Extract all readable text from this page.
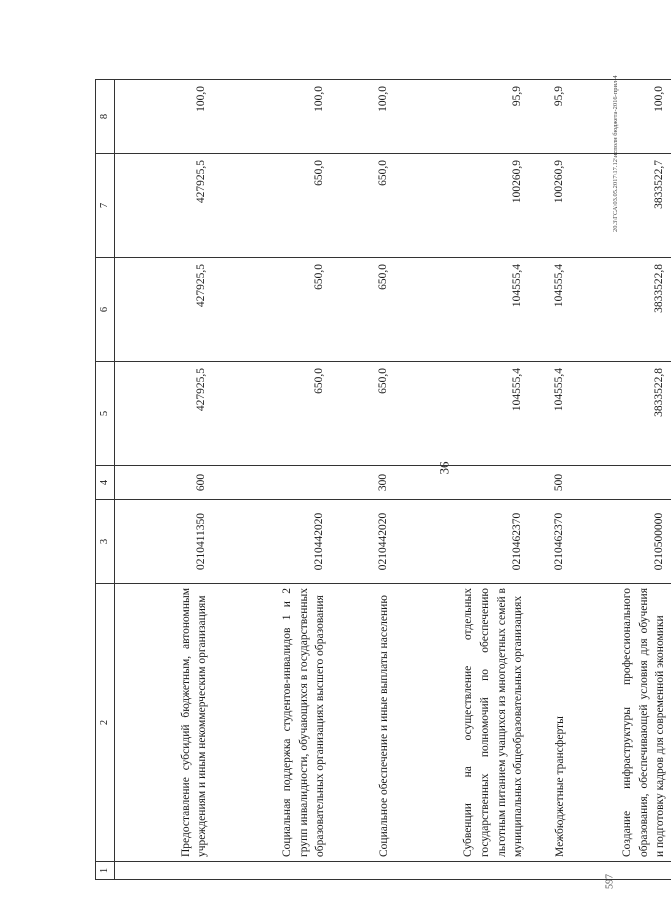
36
20.3\ГСА\03.05.2017\17.12\исполн бюджета-2016-прил-4
597
1	2	3	4	5	6	7	8
	Предоставление субсидий бюджетным, автономным учреждениям и иным некоммерческим организациям	0210411350	600	427925,5	427925,5	427925,5	100,0
	Социальная поддержка студентов-инвалидов 1 и 2 групп инвалидности, обучающихся в государственных образовательных организациях высшего образования	0210442020		650,0	650,0	650,0	100,0
	Социальное обеспечение и иные выплаты населению	0210442020	300	650,0	650,0	650,0	100,0
	Субвенции на осуществление отдельных государственных полномочий по обеспечению льготным питанием учащихся из многодетных семей в муниципальных общеобразовательных организациях	0210462370		104555,4	104555,4	100260,9	95,9
	Межбюджетные трансферты	0210462370	500	104555,4	104555,4	100260,9	95,9
	Создание инфраструктуры профессионального образования, обеспечивающей условия для обучения и подготовку кадров для современной экономики	0210500000		3833522,8	3833522,8	3833522,7	100,0
